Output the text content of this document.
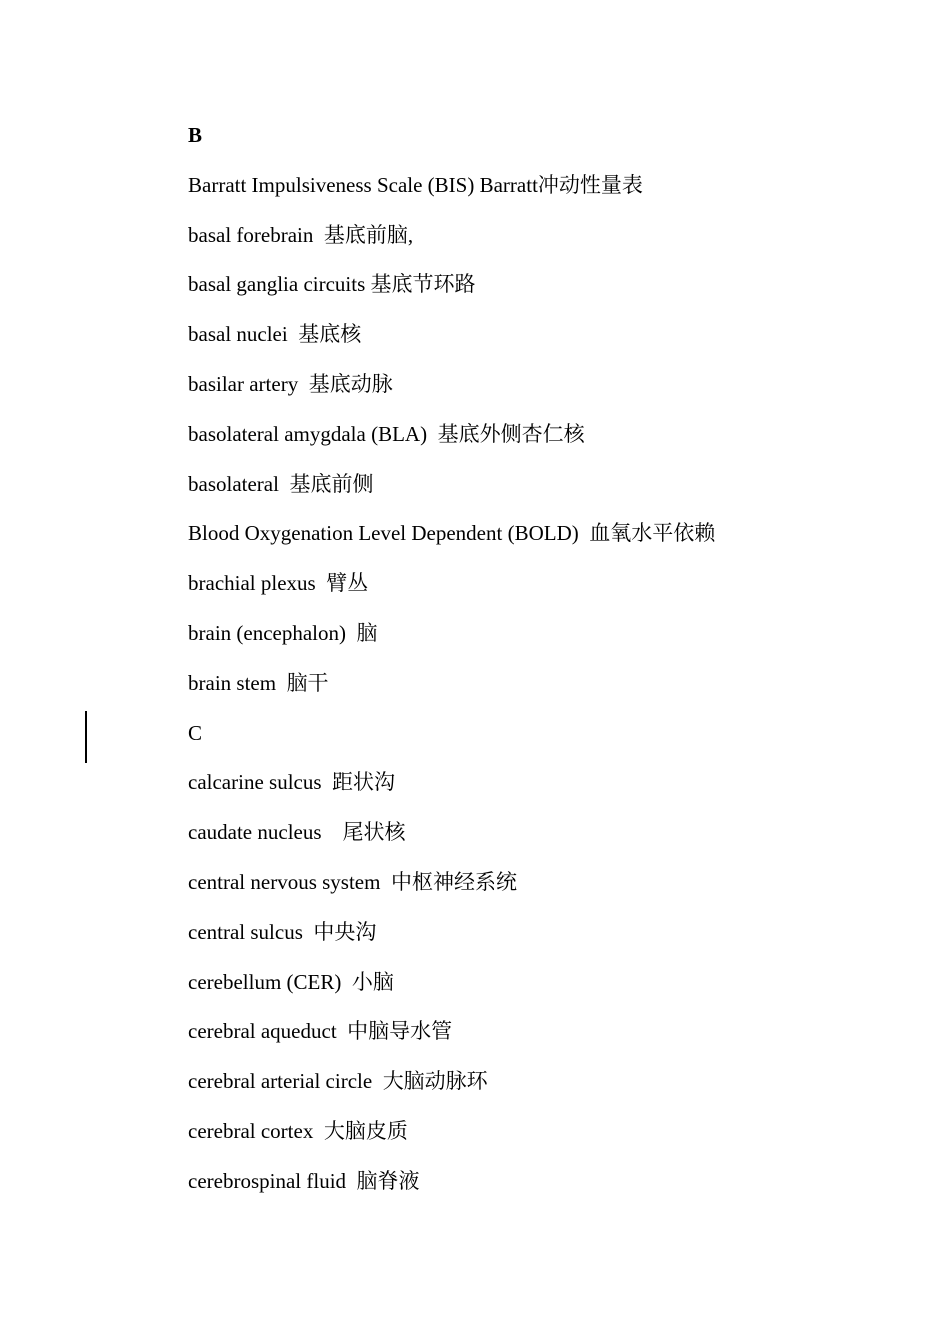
B
Barratt Impulsiveness Scale (BIS) Barratt冲动性量表
basal forebrain  基底前脑,
basal ganglia circuits 基底节环路
basal nuclei  基底核
basilar artery  基底动脉
basolateral amygdala (BLA)  基底外侧杏仁核
basolateral  基底前侧
Blood Oxygenation Level Dependent (BOLD)  血氧水平依赖
brachial plexus  臂丛
brain (encephalon)  脑
brain stem  脑干
C
calcarine sulcus  距状沟
caudate nucleus    尾状核
central nervous system  中枢神经系统
central sulcus  中央沟
cerebellum (CER)  小脑
cerebral aqueduct  中脑导水管
cerebral arterial circle  大脑动脉环
cerebral cortex  大脑皮质
cerebrospinal fluid  脑脊液
